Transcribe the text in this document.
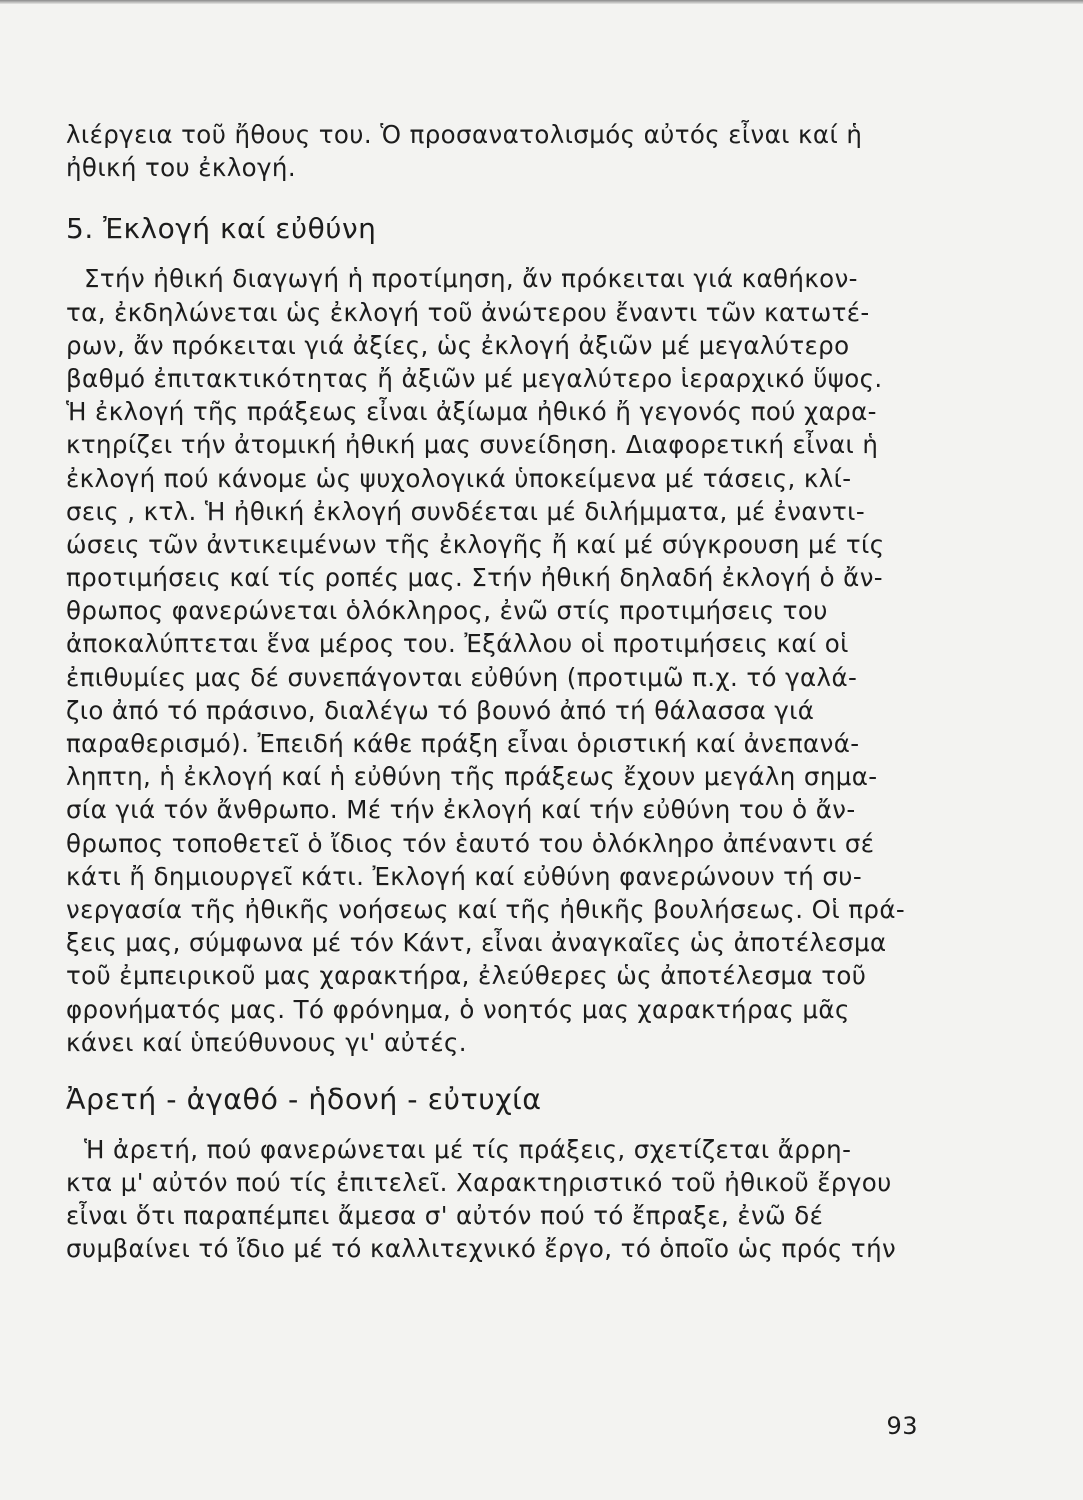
λιέργεια τοῦ ἤθους του. Ὁ προσανατολισμός αὐτός εἶναι καί ἡ
ἠθική του ἐκλογή.
5. Ἐκλογή καί εὐθύνη
Στήν ἠθική διαγωγή ἡ προτίμηση, ἄν πρόκειται γιά καθήκον-
τα, ἐκδηλώνεται ὡς ἐκλογή τοῦ ἀνώτερου ἔναντι τῶν κατωτέ-
ρων, ἄν πρόκειται γιά ἀξίες, ὡς ἐκλογή ἀξιῶν μέ μεγαλύτερο
βαθμό ἐπιτακτικότητας ἤ ἀξιῶν μέ μεγαλύτερο ἱεραρχικό ὕψος.
Ἡ ἐκλογή τῆς πράξεως εἶναι ἀξίωμα ἠθικό ἤ γεγονός πού χαρα-
κτηρίζει τήν ἀτομική ἠθική μας συνείδηση. Διαφορετική εἶναι ἡ
ἐκλογή πού κάνομε ὡς ψυχολογικά ὑποκείμενα μέ τάσεις, κλί-
σεις , κτλ. Ἡ ἠθική ἐκλογή συνδέεται μέ διλήμματα, μέ ἐναντι-
ώσεις τῶν ἀντικειμένων τῆς ἐκλογῆς ἤ καί μέ σύγκρουση μέ τίς
προτιμήσεις καί τίς ροπές μας. Στήν ἠθική δηλαδή ἐκλογή ὁ ἄν-
θρωπος φανερώνεται ὁλόκληρος, ἐνῶ στίς προτιμήσεις του
ἀποκαλύπτεται ἕνα μέρος του. Ἐξάλλου οἱ προτιμήσεις καί οἱ
ἐπιθυμίες μας δέ συνεπάγονται εὐθύνη (προτιμῶ π.χ. τό γαλά-
ζιο ἀπό τό πράσινο, διαλέγω τό βουνό ἀπό τή θάλασσα γιά
παραθερισμό). Ἐπειδή κάθε πράξη εἶναι ὁριστική καί ἀνεπανά-
ληπτη, ἡ ἐκλογή καί ἡ εὐθύνη τῆς πράξεως ἔχουν μεγάλη σημα-
σία γιά τόν ἄνθρωπο. Μέ τήν ἐκλογή καί τήν εὐθύνη του ὁ ἄν-
θρωπος τοποθετεῖ ὁ ἴδιος τόν ἑαυτό του ὁλόκληρο ἀπέναντι σέ
κάτι ἤ δημιουργεῖ κάτι. Ἐκλογή καί εὐθύνη φανερώνουν τή συ-
νεργασία τῆς ἠθικῆς νοήσεως καί τῆς ἠθικῆς βουλήσεως. Οἱ πρά-
ξεις μας, σύμφωνα μέ τόν Κάντ, εἶναι ἀναγκαῖες ὡς ἀποτέλεσμα
τοῦ ἐμπειρικοῦ μας χαρακτήρα, ἐλεύθερες ὡς ἀποτέλεσμα τοῦ
φρονήματός μας. Τό φρόνημα, ὁ νοητός μας χαρακτήρας μᾶς
κάνει καί ὑπεύθυνους γι' αὐτές.
Ἀρετή - ἀγαθό - ἡδονή - εὐτυχία
Ἡ ἀρετή, πού φανερώνεται μέ τίς πράξεις, σχετίζεται ἄρρη-
κτα μ' αὐτόν πού τίς ἐπιτελεῖ. Χαρακτηριστικό τοῦ ἠθικοῦ ἔργου
εἶναι ὅτι παραπέμπει ἄμεσα σ' αὐτόν πού τό ἔπραξε, ἐνῶ δέ
συμβαίνει τό ἴδιο μέ τό καλλιτεχνικό ἔργο, τό ὁποῖο ὡς πρός τήν
93
